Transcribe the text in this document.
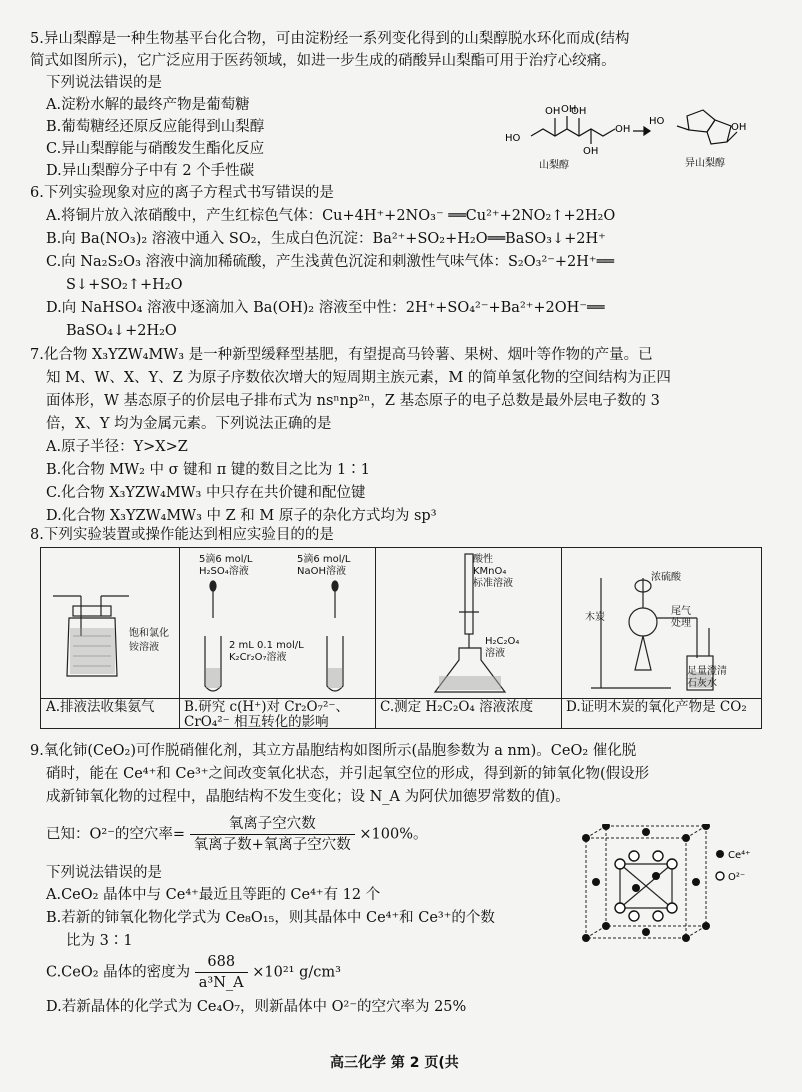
5.异山梨醇是一种生物基平台化合物，可由淀粉经一系列变化得到的山梨醇脱水环化而成(结构
简式如图所示)，它广泛应用于医药领域，如进一步生成的硝酸异山梨酯可用于治疗心绞痛。
下列说法错误的是
A.淀粉水解的最终产物是葡萄糖
B.葡萄糖经还原反应能得到山梨醇
C.异山梨醇能与硝酸发生酯化反应
D.异山梨醇分子中有 2 个手性碳
HO
OH OH
OH
OH
OH
HO
OH
山梨醇	异山梨醇
6.下列实验现象对应的离子方程式书写错误的是
A.将铜片放入浓硝酸中，产生红棕色气体：Cu+4H⁺+2NO₃⁻ ══Cu²⁺+2NO₂↑+2H₂O
B.向 Ba(NO₃)₂ 溶液中通入 SO₂，生成白色沉淀：Ba²⁺+SO₂+H₂O══BaSO₃↓+2H⁺
C.向 Na₂S₂O₃ 溶液中滴加稀硫酸，产生浅黄色沉淀和刺激性气味气体：S₂O₃²⁻+2H⁺══
S↓+SO₂↑+H₂O
D.向 NaHSO₄ 溶液中逐滴加入 Ba(OH)₂ 溶液至中性：2H⁺+SO₄²⁻+Ba²⁺+2OH⁻══
BaSO₄↓+2H₂O
7.化合物 X₃YZW₄MW₃ 是一种新型缓释型基肥，有望提高马铃薯、果树、烟叶等作物的产量。已
知 M、W、X、Y、Z 为原子序数依次增大的短周期主族元素，M 的简单氢化物的空间结构为正四
面体形，W 基态原子的价层电子排布式为 nsⁿnp²ⁿ，Z 基态原子的电子总数是最外层电子数的 3
倍，X、Y 均为金属元素。下列说法正确的是
A.原子半径：Y>X>Z
B.化合物 MW₂ 中 σ 键和 π 键的数目之比为 1∶1
C.化合物 X₃YZW₄MW₃ 中只存在共价键和配位键
D.化合物 X₃YZW₄MW₃ 中 Z 和 M 原子的杂化方式均为 sp³
8.下列实验装置或操作能达到相应实验目的的是
饱和氯化
铵溶液
A.排液法收集氨气
5滴6 mol/L
H₂SO₄溶液
5滴6 mol/L
NaOH溶液
2 mL 0.1 mol/L
K₂Cr₂O₇溶液
B.研究 c(H⁺)对 Cr₂O₇²⁻、CrO₄²⁻ 相互转化的影响
酸性
KMnO₄
标准溶液
H₂C₂O₄
溶液
C.测定 H₂C₂O₄ 溶液浓度
浓硫酸
木炭
尾气
处理
足量澄清
石灰水
D.证明木炭的氧化产物是 CO₂
9.氧化铈(CeO₂)可作脱硝催化剂，其立方晶胞结构如图所示(晶胞参数为 a nm)。CeO₂ 催化脱
硝时，能在 Ce⁴⁺和 Ce³⁺之间改变氧化状态，并引起氧空位的形成，得到新的铈氧化物(假设形
成新铈氧化物的过程中，晶胞结构不发生变化；设 N_A 为阿伏加德罗常数的值)。
已知：O²⁻的空穴率= $\frac{\text{氧离子空穴数}}{\text{氧离子数+氧离子空穴数}} \times 100\%$。
下列说法错误的是
A.CeO₂ 晶体中与 Ce⁴⁺最近且等距的 Ce⁴⁺有 12 个
B.若新的铈氧化物化学式为 Ce₈O₁₅，则其晶体中 Ce⁴⁺和 Ce³⁺的个数
比为 3∶1
C.CeO₂ 晶体的密度为 $\frac{688}{\text{a³N\_A}} \times 10^{21}$ g/cm³
D.若新晶体的化学式为 Ce₄O₇，则新晶体中 O²⁻的空穴率为 25%
Ce⁴⁺
O²⁻
高三化学 第 2 页(共
